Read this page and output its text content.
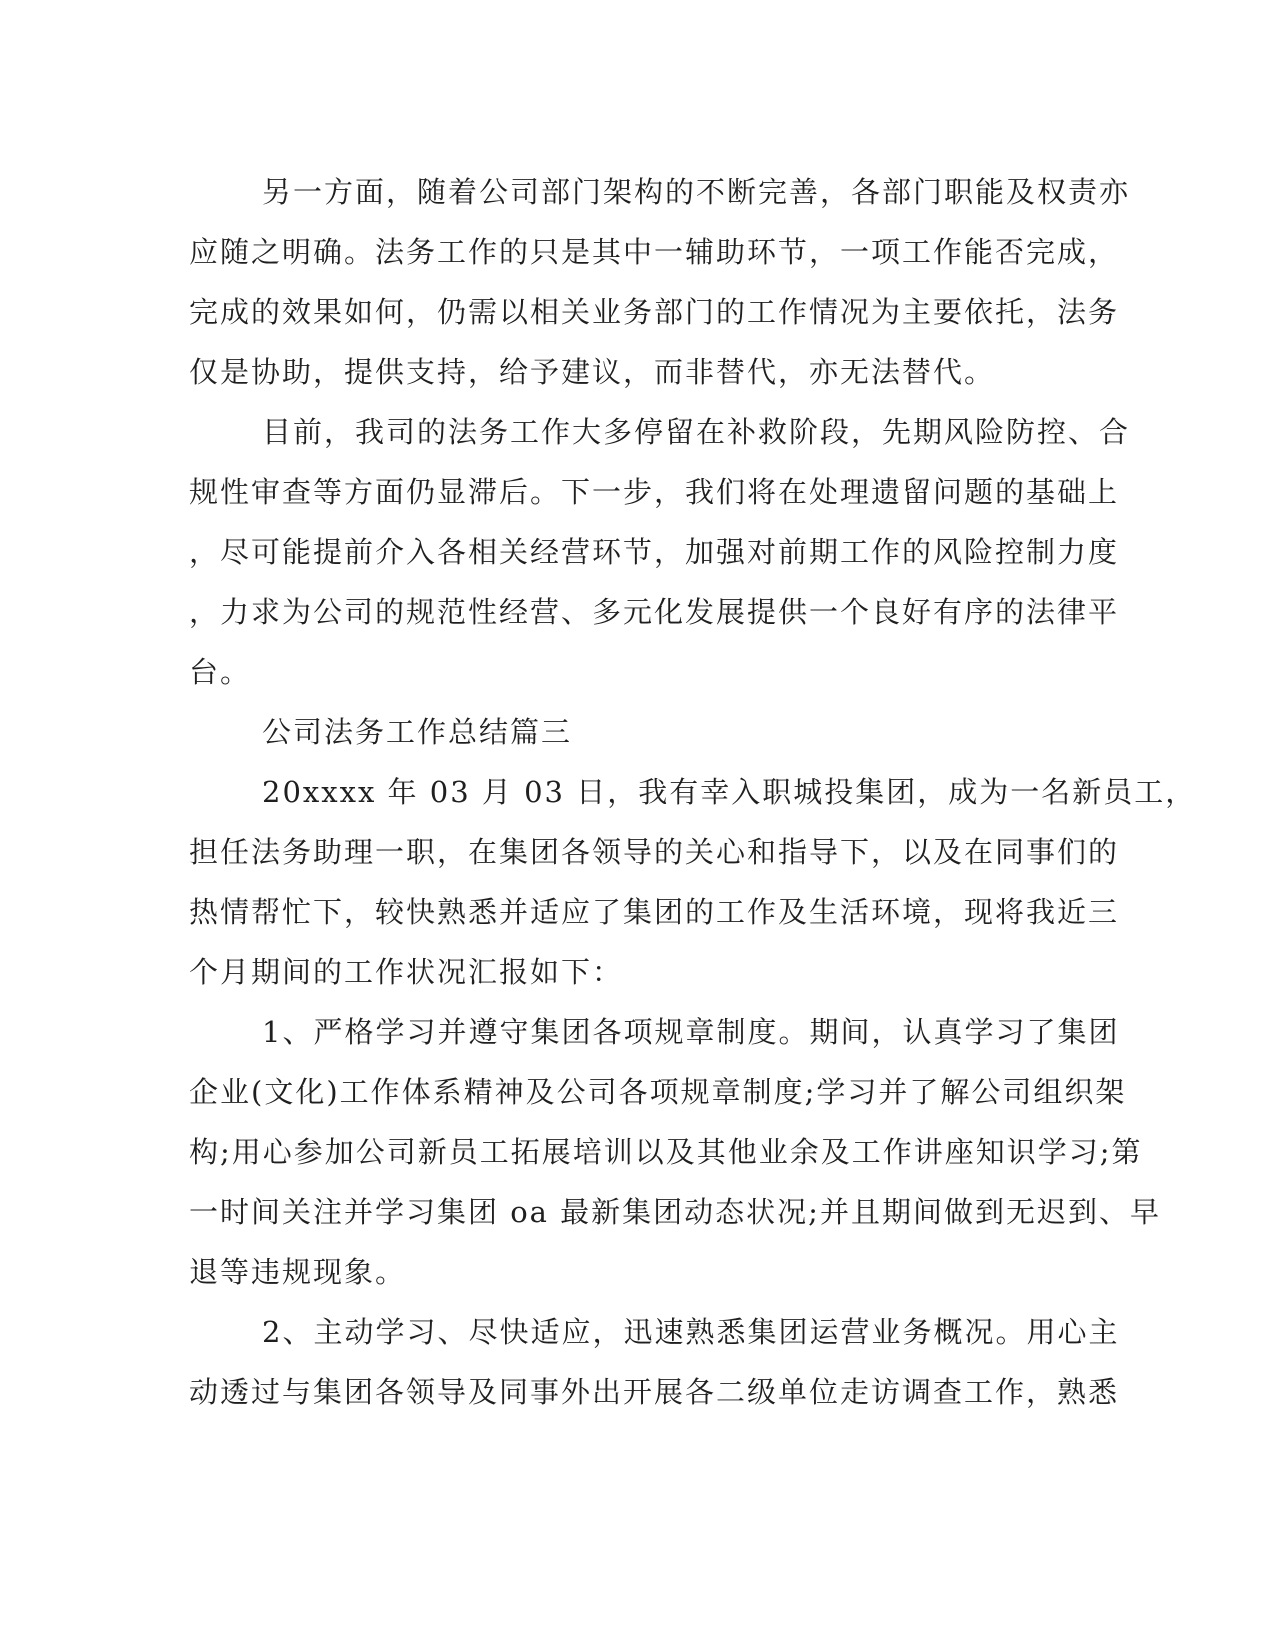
另一方面，随着公司部门架构的不断完善，各部门职能及权责亦
应随之明确。法务工作的只是其中一辅助环节，一项工作能否完成，
完成的效果如何，仍需以相关业务部门的工作情况为主要依托，法务
仅是协助，提供支持，给予建议，而非替代，亦无法替代。
目前，我司的法务工作大多停留在补救阶段，先期风险防控、合
规性审查等方面仍显滞后。下一步，我们将在处理遗留问题的基础上
，尽可能提前介入各相关经营环节，加强对前期工作的风险控制力度
，力求为公司的规范性经营、多元化发展提供一个良好有序的法律平
台。
公司法务工作总结篇三
20xxxx 年 03 月 03 日，我有幸入职城投集团，成为一名新员工，
担任法务助理一职，在集团各领导的关心和指导下，以及在同事们的
热情帮忙下，较快熟悉并适应了集团的工作及生活环境，现将我近三
个月期间的工作状况汇报如下：
1、严格学习并遵守集团各项规章制度。期间，认真学习了集团
企业(文化)工作体系精神及公司各项规章制度;学习并了解公司组织架
构;用心参加公司新员工拓展培训以及其他业余及工作讲座知识学习;第
一时间关注并学习集团 oa 最新集团动态状况;并且期间做到无迟到、早
退等违规现象。
2、主动学习、尽快适应，迅速熟悉集团运营业务概况。用心主
动透过与集团各领导及同事外出开展各二级单位走访调查工作，熟悉
